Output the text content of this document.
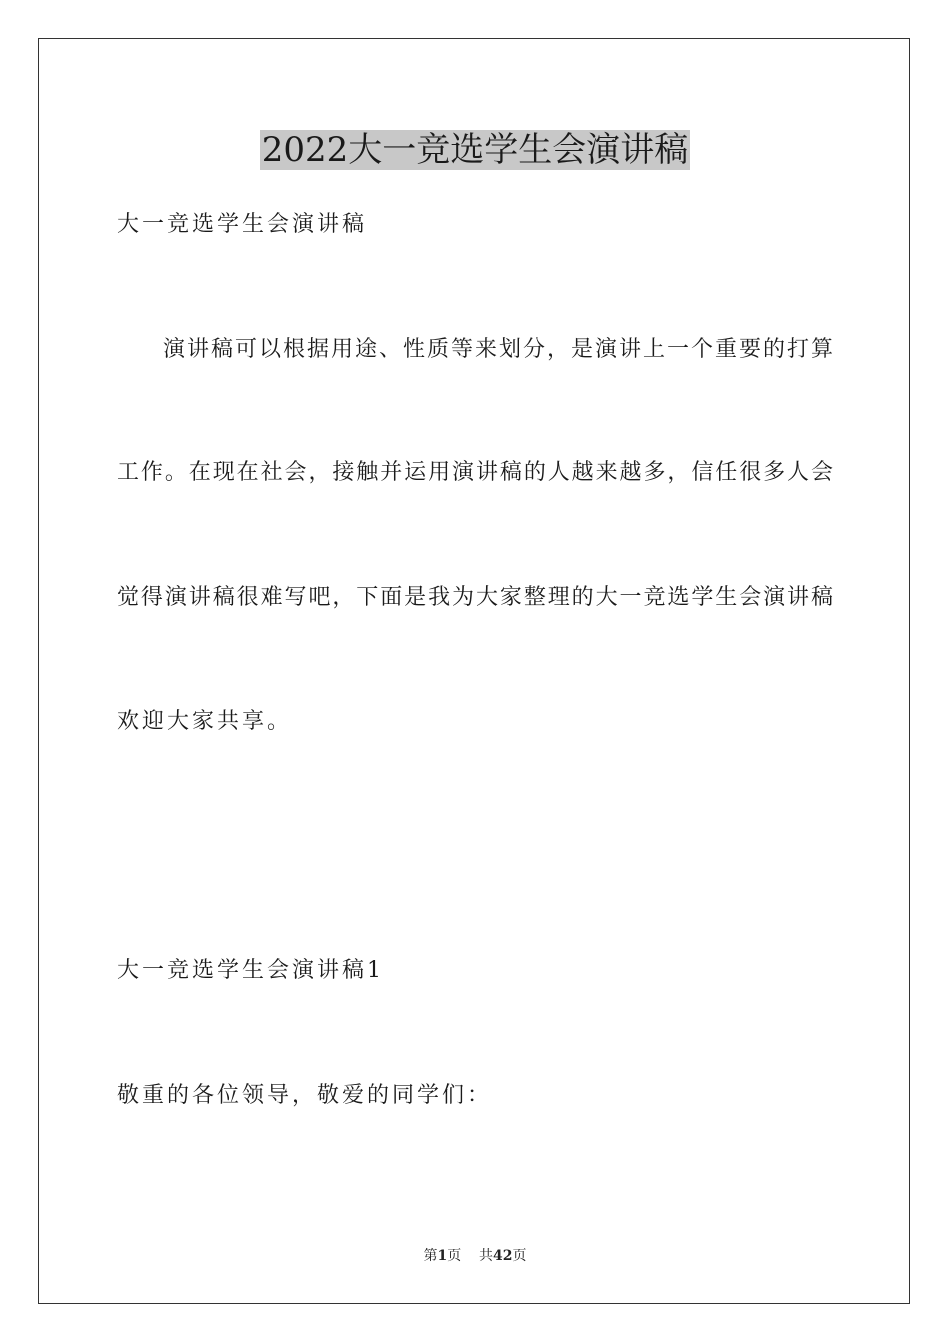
2022大一竞选学生会演讲稿
大一竞选学生会演讲稿
演讲稿可以根据用途、性质等来划分，是演讲上一个重要的打算
工作。在现在社会，接触并运用演讲稿的人越来越多，信任很多人会
觉得演讲稿很难写吧，下面是我为大家整理的大一竞选学生会演讲稿
欢迎大家共享。
大一竞选学生会演讲稿1
敬重的各位领导，敬爱的同学们：
第1页 共42页
